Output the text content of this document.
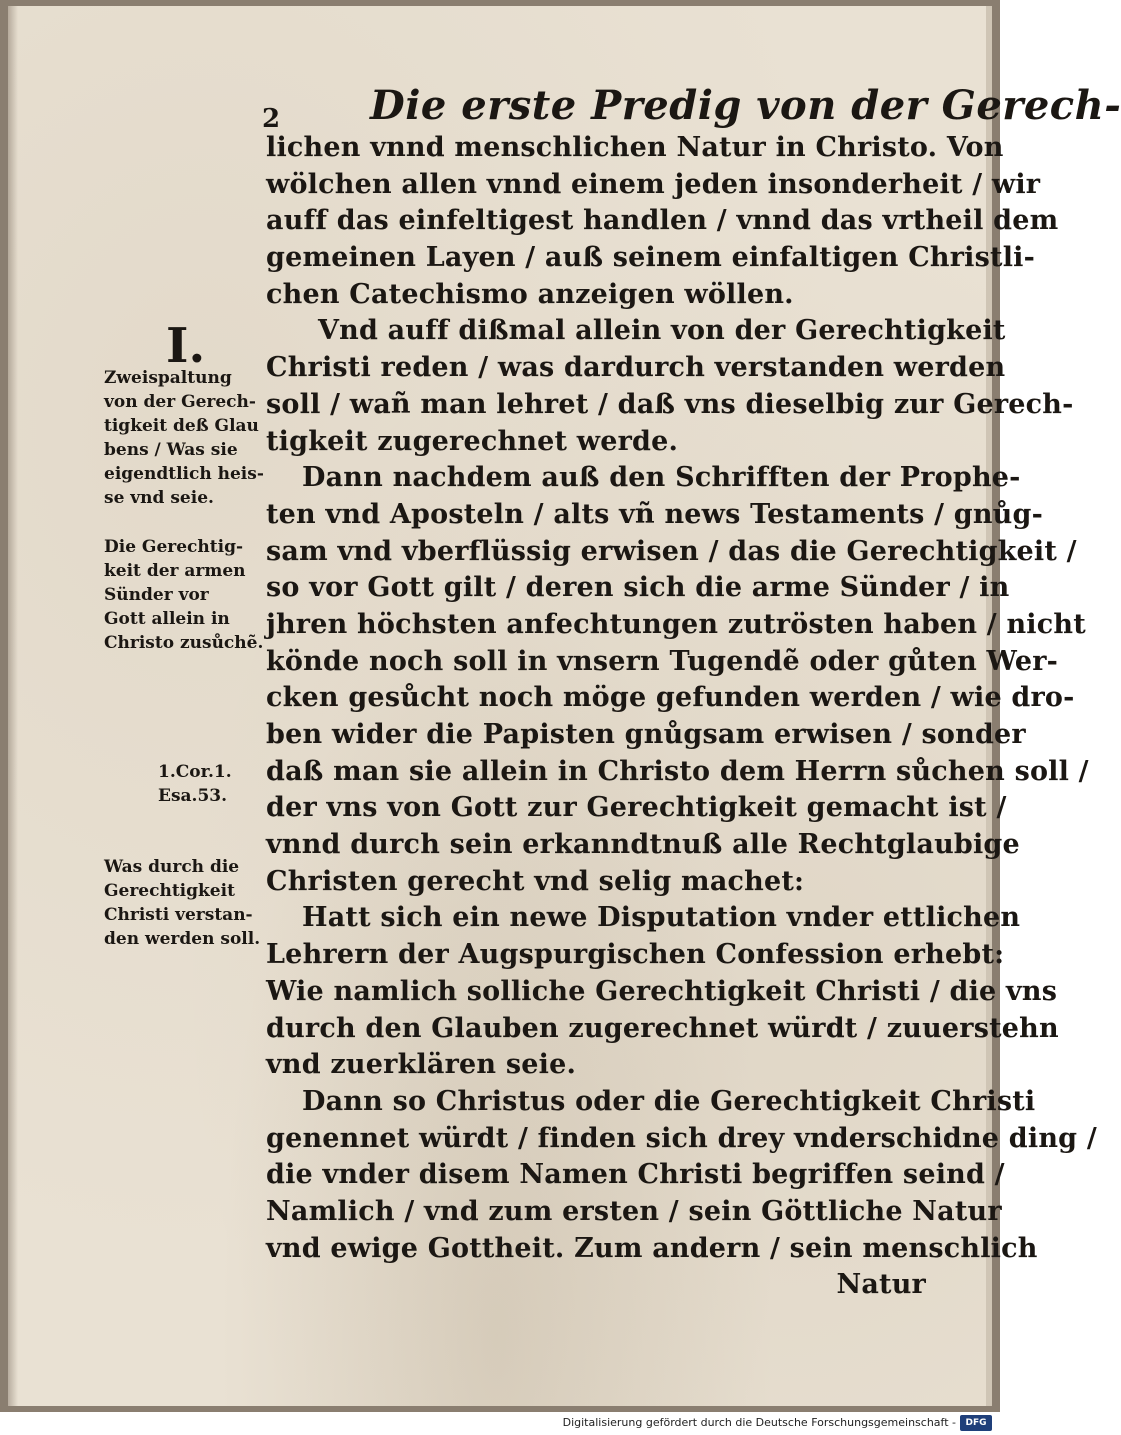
2 Die erste Predig von der Gerech-
I.
Zweispaltung
von der Gerech-
tigkeit deß Glau
bens / Was sie
eigendtlich heis-
se vnd seie.
Die Gerechtig-
keit der armen
Sünder vor
Gott allein in
Christo zusůchẽ.
1.Cor.1.
Esa.53.
Was durch die
Gerechtigkeit
Christi verstan-
den werden soll.
lichen vnnd menschlichen Natur in Christo. Von
wölchen allen vnnd einem jeden insonderheit / wir
auff das einfeltigest handlen / vnnd das vrtheil dem
gemeinen Layen / auß seinem einfaltigen Christli-
chen Catechismo anzeigen wöllen.
Vnd auff dißmal allein von der Gerechtigkeit
Christi reden / was dardurch verstanden werden
soll / wañ man lehret / daß vns dieselbig zur Gerech-
tigkeit zugerechnet werde.
Dann nachdem auß den Schrifften der Prophe-
ten vnd Aposteln / alts vñ news Testaments / gnůg-
sam vnd vberflüssig erwisen / das die Gerechtigkeit /
so vor Gott gilt / deren sich die arme Sünder / in
jhren höchsten anfechtungen zutrösten haben / nicht
könde noch soll in vnsern Tugendẽ oder gůten Wer-
cken gesůcht noch möge gefunden werden / wie dro-
ben wider die Papisten gnůgsam erwisen / sonder
daß man sie allein in Christo dem Herrn sůchen soll /
der vns von Gott zur Gerechtigkeit gemacht ist /
vnnd durch sein erkanndtnuß alle Rechtglaubige
Christen gerecht vnd selig machet:
Hatt sich ein newe Disputation vnder ettlichen
Lehrern der Augspurgischen Confession erhebt:
Wie namlich solliche Gerechtigkeit Christi / die vns
durch den Glauben zugerechnet würdt / zuuerstehn
vnd zuerklären seie.
Dann so Christus oder die Gerechtigkeit Christi
genennet würdt / finden sich drey vnderschidne ding /
die vnder disem Namen Christi begriffen seind /
Namlich / vnd zum ersten / sein Göttliche Natur
vnd ewige Gottheit. Zum andern / sein menschlich
Natur
Digitalisierung gefördert durch die Deutsche Forschungsgemeinschaft -	DFG
